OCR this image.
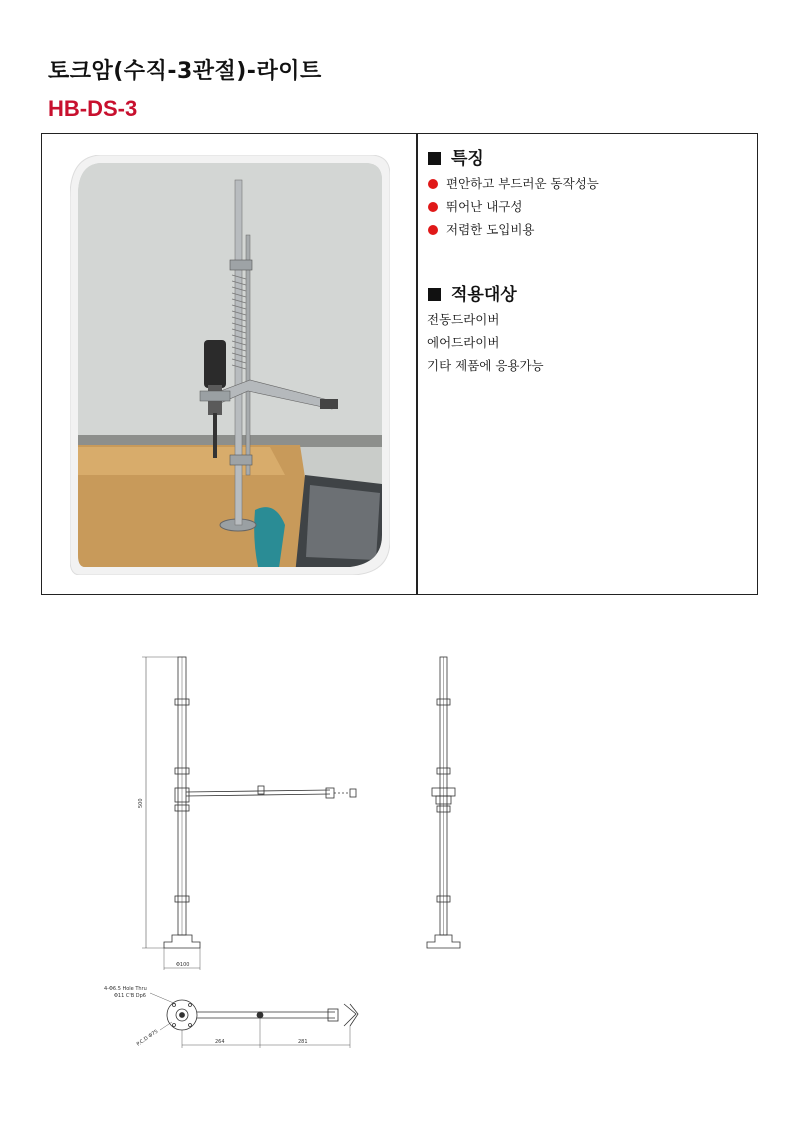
토크암(수직-3관절)-라이트
HB-DS-3
특징
편안하고 부드러운 동작성능
뛰어난 내구성
저렴한 도입비용
적용대상
전동드라이버
에어드라이버
기타 제품에 응용가능
500
Φ100
4-Φ6.5 Hole Thru
Φ11 C'B Dp6
P.C.D Φ75	264	281
